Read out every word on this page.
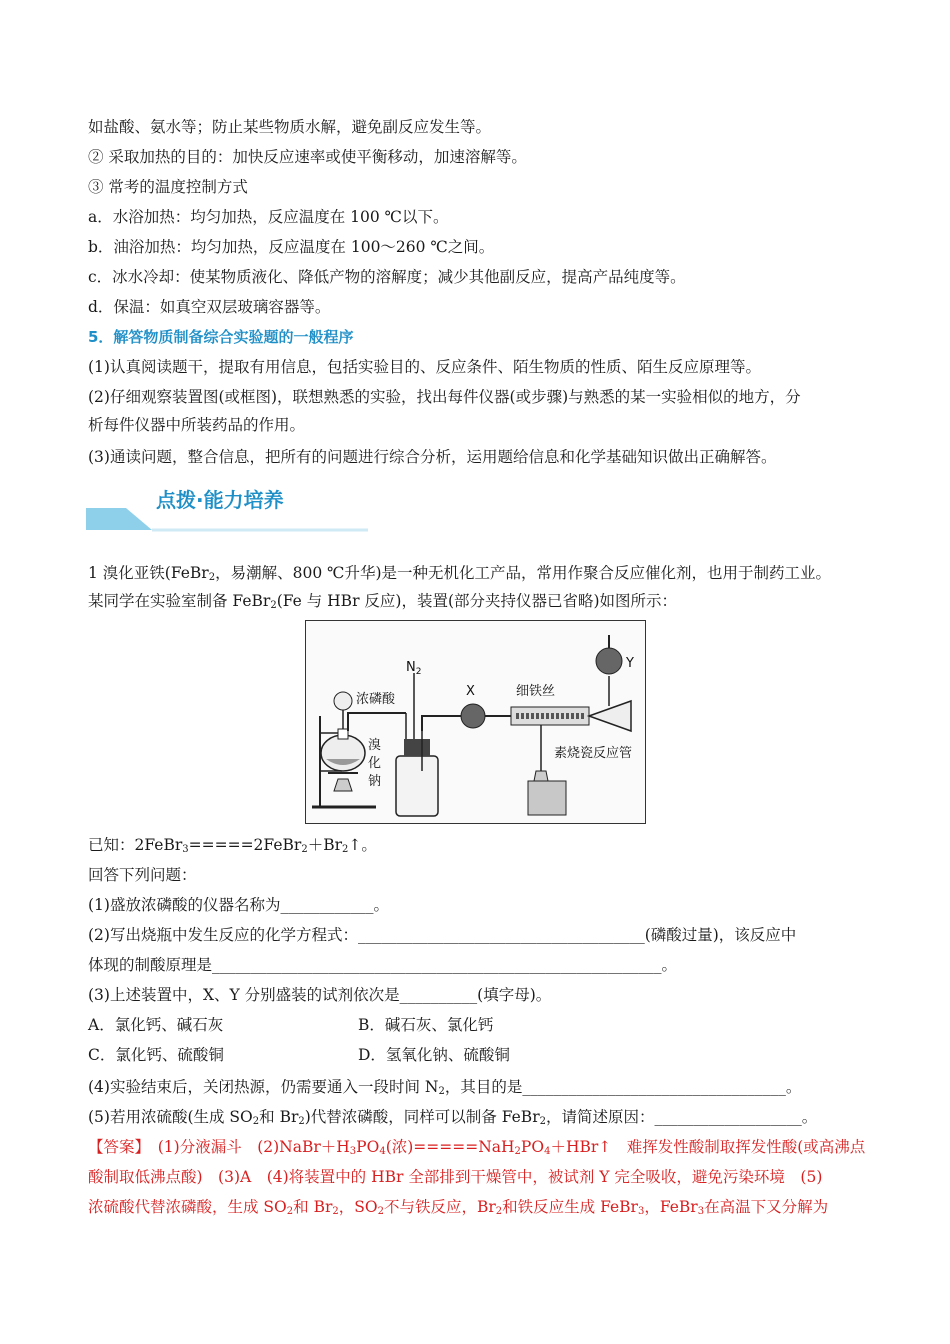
如盐酸、氨水等；防止某些物质水解，避免副反应发生等。
② 采取加热的目的：加快反应速率或使平衡移动，加速溶解等。
③ 常考的温度控制方式
a．水浴加热：均匀加热，反应温度在 100 ℃以下。
b．油浴加热：均匀加热，反应温度在 100～260 ℃之间。
c．冰水冷却：使某物质液化、降低产物的溶解度；减少其他副反应，提高产品纯度等。
d．保温：如真空双层玻璃容器等。
5．解答物质制备综合实验题的一般程序
(1)认真阅读题干，提取有用信息，包括实验目的、反应条件、陌生物质的性质、陌生反应原理等。
(2)仔细观察装置图(或框图)，联想熟悉的实验，找出每件仪器(或步骤)与熟悉的某一实验相似的地方，分
析每件仪器中所装药品的作用。
(3)通读问题，整合信息，把所有的问题进行综合分析，运用题给信息和化学基础知识做出正确解答。
点拨·能力培养
1 溴化亚铁(FeBr$_2$，易潮解、800 ℃升华)是一种无机化工产品，常用作聚合反应催化剂，也用于制药工业。
某同学在实验室制备 FeBr$_2$(Fe 与 HBr 反应)，装置(部分夹持仪器已省略)如图所示：
$N_2$
浓磷酸
X	细铁丝
Y
溴
化
钠
素烧瓷反应管
已知：$2FeBr_3=====2FeBr_2+Br_2↑$。
回答下列问题：
(1)盛放浓磷酸的仪器名称为____________。
(2)写出烧瓶中发生反应的化学方程式：_____________________________________(磷酸过量)，该反应中
体现的制酸原理是__________________________________________________________。
(3)上述装置中，X、Y 分别盛装的试剂依次是__________(填字母)。
A．氯化钙、碱石灰	B．碱石灰、氯化钙
C．氯化钙、硫酸铜	D．氢氧化钠、硫酸铜
(4)实验结束后，关闭热源，仍需要通入一段时间 $N_2$，其目的是__________________________________。
(5)若用浓硫酸(生成 $SO_2$和 $Br_2$)代替浓磷酸，同样可以制备 FeBr$_2$，请简述原因：___________________。
【答案】　(1)分液漏斗　$(2)NaBr+H_3PO_4$(浓)$=====NaH_2PO_4+HBr↑$　难挥发性酸制取挥发性酸(或高沸点
酸制取低沸点酸)　(3)A　(4)将装置中的 HBr 全部排到干燥管中，被试剂 Y 完全吸收，避免污染环境　(5)
浓硫酸代替浓磷酸，生成 $SO_2$和 $Br_2$，$SO_2$不与铁反应，$Br_2$和铁反应生成 FeBr$_3$，FeBr$_3$在高温下又分解为
